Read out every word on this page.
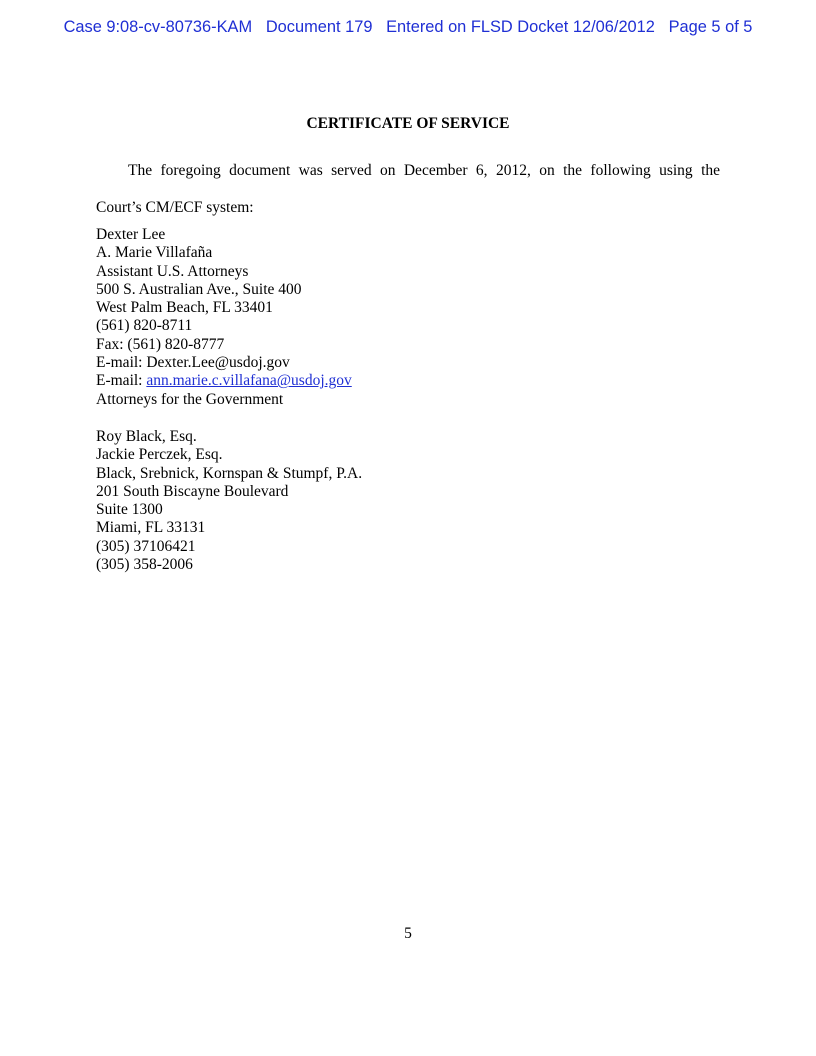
Case 9:08-cv-80736-KAM Document 179 Entered on FLSD Docket 12/06/2012 Page 5 of 5
CERTIFICATE OF SERVICE
The foregoing document was served on December 6, 2012, on the following using the
Court’s CM/ECF system:
Dexter Lee
A. Marie Villafaña
Assistant U.S. Attorneys
500 S. Australian Ave., Suite 400
West Palm Beach, FL 33401
(561) 820-8711
Fax: (561) 820-8777
E-mail: Dexter.Lee@usdoj.gov
E-mail: ann.marie.c.villafana@usdoj.gov
Attorneys for the Government
Roy Black, Esq.
Jackie Perczek, Esq.
Black, Srebnick, Kornspan & Stumpf, P.A.
201 South Biscayne Boulevard
Suite 1300
Miami, FL 33131
(305) 37106421
(305) 358-2006
5
